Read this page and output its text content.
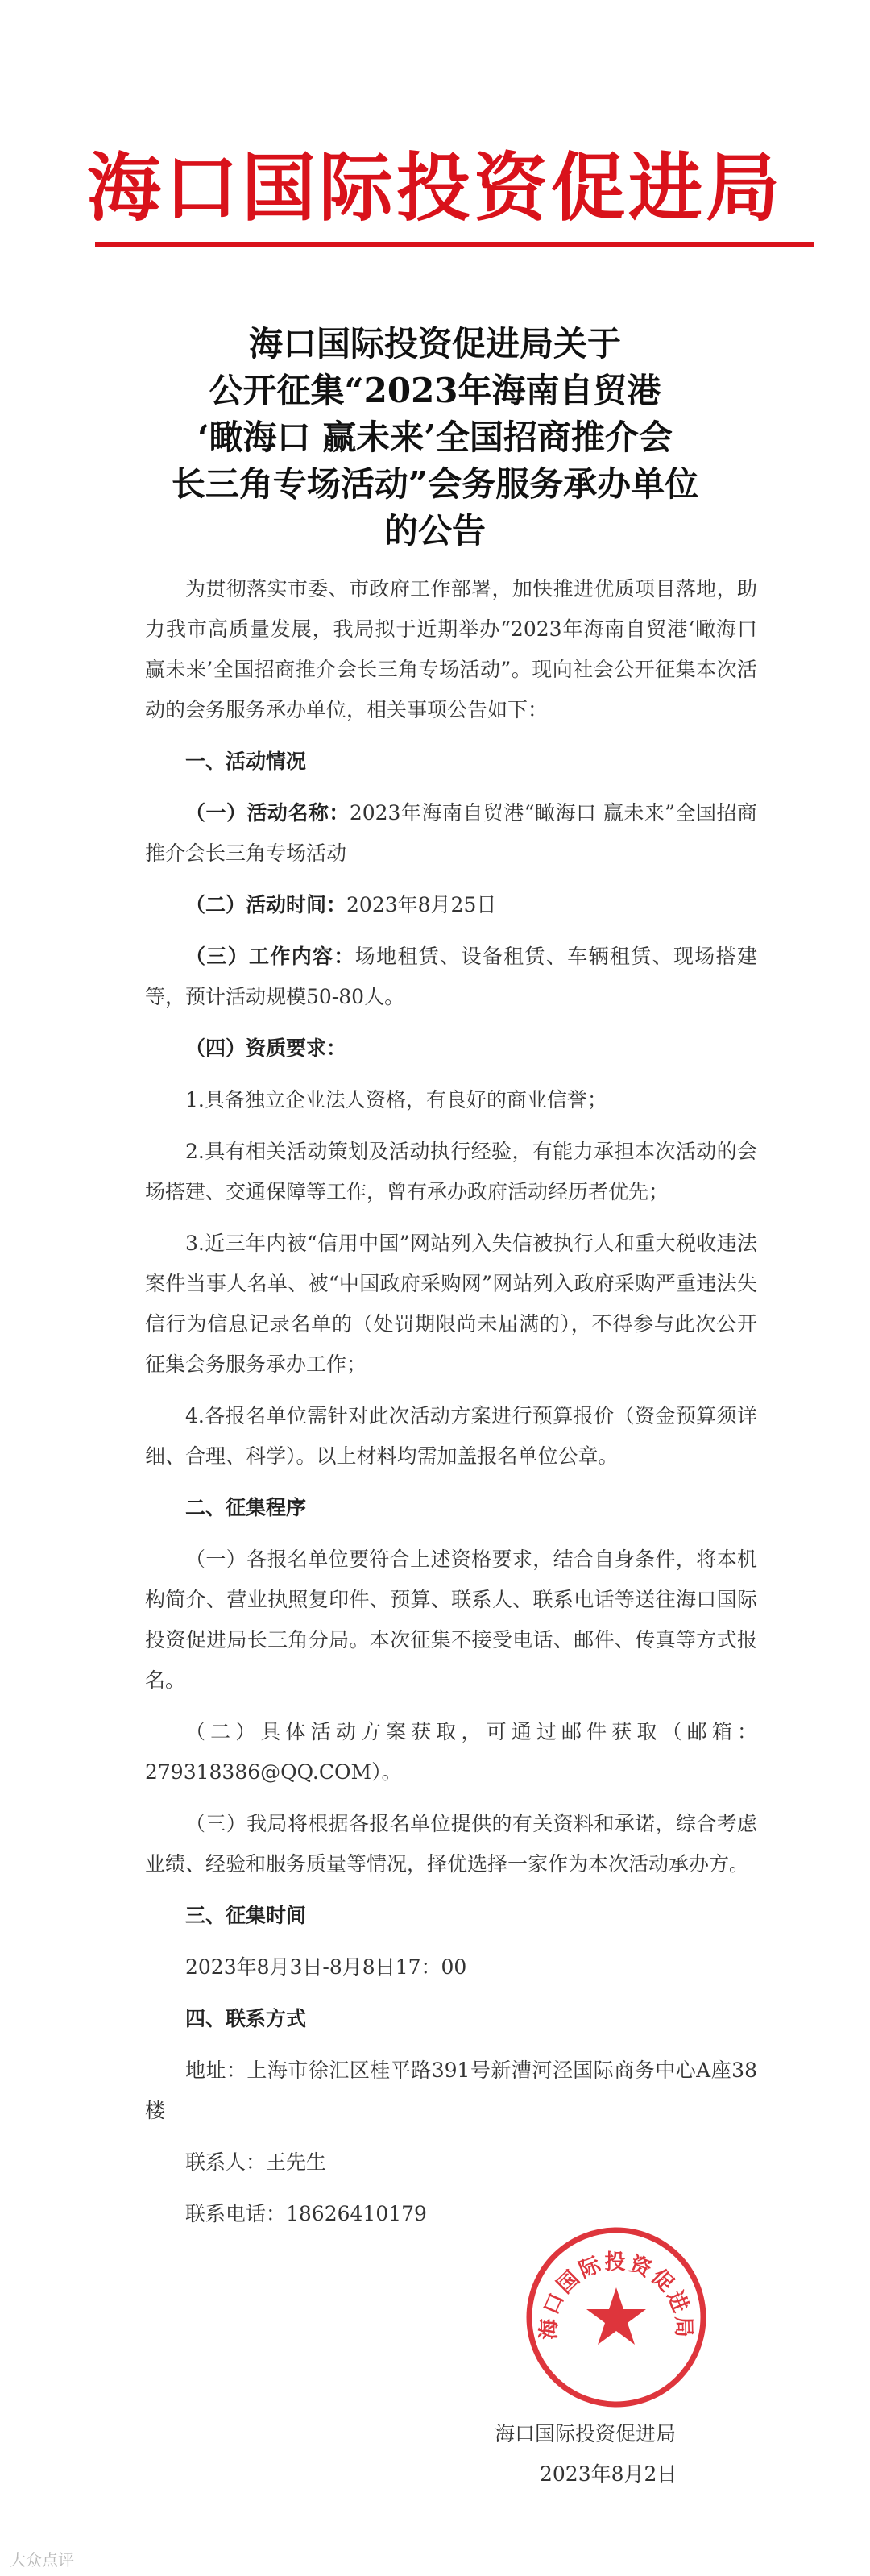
海口国际投资促进局
海口国际投资促进局关于
公开征集“2023年海南自贸港
‘瞰海口 赢未来’全国招商推介会
长三角专场活动”会务服务承办单位
的公告

为贯彻落实市委、市政府工作部署，加快推进优质项目落地，助力我市高质量发展，我局拟于近期举办“2023年海南自贸港‘瞰海口 赢未来’全国招商推介会长三角专场活动”。现向社会公开征集本次活动的会务服务承办单位，相关事项公告如下：

一、活动情况

（一）活动名称：2023年海南自贸港“瞰海口 赢未来”全国招商推介会长三角专场活动

（二）活动时间：2023年8月25日

（三）工作内容：场地租赁、设备租赁、车辆租赁、现场搭建等，预计活动规模50-80人。

（四）资质要求：

1.具备独立企业法人资格，有良好的商业信誉；

2.具有相关活动策划及活动执行经验，有能力承担本次活动的会场搭建、交通保障等工作，曾有承办政府活动经历者优先；

3.近三年内被“信用中国”网站列入失信被执行人和重大税收违法案件当事人名单、被“中国政府采购网”网站列入政府采购严重违法失信行为信息记录名单的（处罚期限尚未届满的），不得参与此次公开征集会务服务承办工作；

4.各报名单位需针对此次活动方案进行预算报价（资金预算须详细、合理、科学）。以上材料均需加盖报名单位公章。

二、征集程序

（一）各报名单位要符合上述资格要求，结合自身条件，将本机构简介、营业执照复印件、预算、联系人、联系电话等送往海口国际投资促进局长三角分局。本次征集不接受电话、邮件、传真等方式报名。

（二）具体活动方案获取，可通过邮件获取（邮箱：279318386@QQ.COM）。

（三）我局将根据各报名单位提供的有关资料和承诺，综合考虑业绩、经验和服务质量等情况，择优选择一家作为本次活动承办方。

三、征集时间

2023年8月3日-8月8日17：00

四、联系方式

地址：上海市徐汇区桂平路391号新漕河泾国际商务中心A座38楼

联系人：王先生

联系电话：18626410179

海口国际投资促进局
海口国际投资促进局
2023年8月2日
大众点评
